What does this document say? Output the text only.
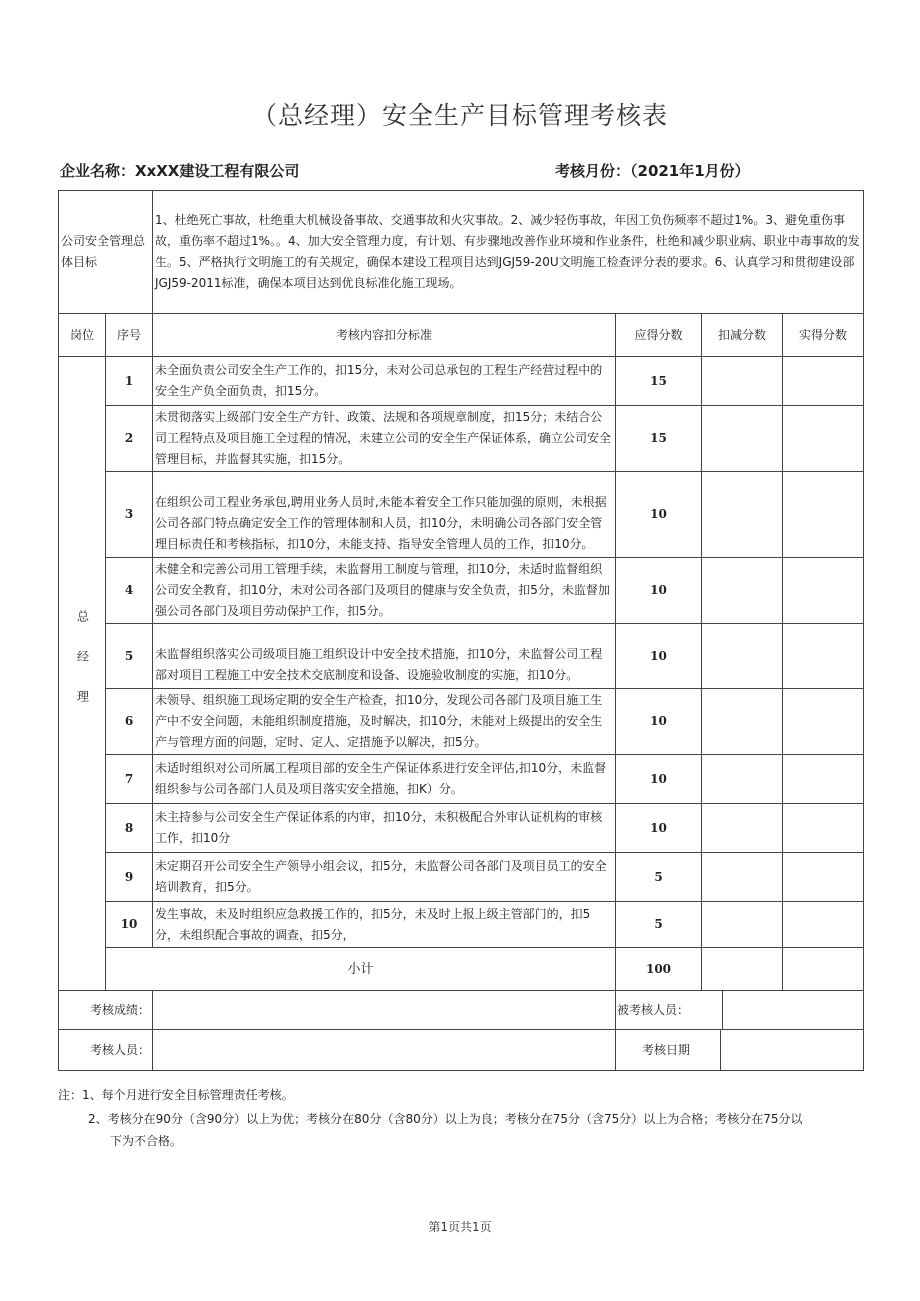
（总经理）安全生产目标管理考核表
企业名称：XxXX建设工程有限公司	考核月份：（2021年1月份）
公司安全管理总体目标		1、杜绝死亡事故，杜绝重大机械设备事故、交通事故和火灾事故。2、减少轻伤事故，年因工负伤频率不超过1%。3、避免重伤事故，重伤率不超过1%。。4、加大安全管理力度，有计划、有步骤地改善作业环境和作业条件，杜绝和减少职业病、职业中毒事故的发生。5、严格执行文明施工的有关规定，确保本建设工程项目达到JGJ59-20U文明施工检查评分表的要求。6、认真学习和贯彻建设部JGJ59-2011标准，确保本项目达到优良标准化施工现场。			
岗位	序号	考核内容扣分标准	应得分数	扣减分数	实得分数
总经理	1	未全面负责公司安全生产工作的，扣15分，未对公司总承包的工程生产经营过程中的安全生产负全面负责，扣15分。	15		
	2	未贯彻落实上级部门安全生产方针、政策、法规和各项规章制度，扣15分；未结合公司工程特点及项目施工全过程的情况，未建立公司的安全生产保证体系，确立公司安全管理目标，并监督其实施，扣15分。	15		
	3	在组织公司工程业务承包,聘用业务人员时,未能本着安全工作只能加强的原则，未根据公司各部门特点确定安全工作的管理体制和人员，扣10分，未明确公司各部门安全管理目标责任和考核指标，扣10分，未能支持、指导安全管理人员的工作，扣10分。	10		
	4	未健全和完善公司用工管理手续，未监督用工制度与管理，扣10分，未适时监督组织公司安全教育，扣10分，未对公司各部门及项目的健康与安全负责，扣5分，未监督加强公司各部门及项目劳动保护工作，扣5分。	10		
	5	未监督组织落实公司级项目施工组织设计中安全技术措施，扣10分，未监督公司工程部对项目工程施工中安全技术交底制度和设备、设施验收制度的实施，扣10分。	10		
	6	未领导、组织施工现场定期的安全生产检查，扣10分，发现公司各部门及项目施工生产中不安全问题，未能组织制度措施，及时解决，扣10分，未能对上级提出的安全生产与管理方面的问题，定时、定人、定措施予以解决，扣5分。	10		
	7	未适时组织对公司所属工程项目部的安全生产保证体系进行安全评估,扣10分，未监督组织参与公司各部门人员及项目落实安全措施，扣K）分。	10		
	8	未主持参与公司安全生产保证体系的内审，扣10分，未积极配合外审认证机构的审核工作，扣10分	10		
	9	未定期召开公司安全生产领导小组会议，扣5分，未监督公司各部门及项目员工的安全培训教育，扣5分。	5		
	10	发生事故，未及时组织应急救援工作的，扣5分，未及时上报上级主管部门的，扣5分，未组织配合事故的调查，扣5分，	5		
	小计		100		
考核成绩：			被考核人员：		

考核人员：			考核日期		
注：1、每个月进行安全目标管理责任考核。
2、考核分在90分（含90分）以上为优；考核分在80分（含80分）以上为良；考核分在75分（含75分）以上为合格；考核分在75分以
下为不合格。
第1页共1页
